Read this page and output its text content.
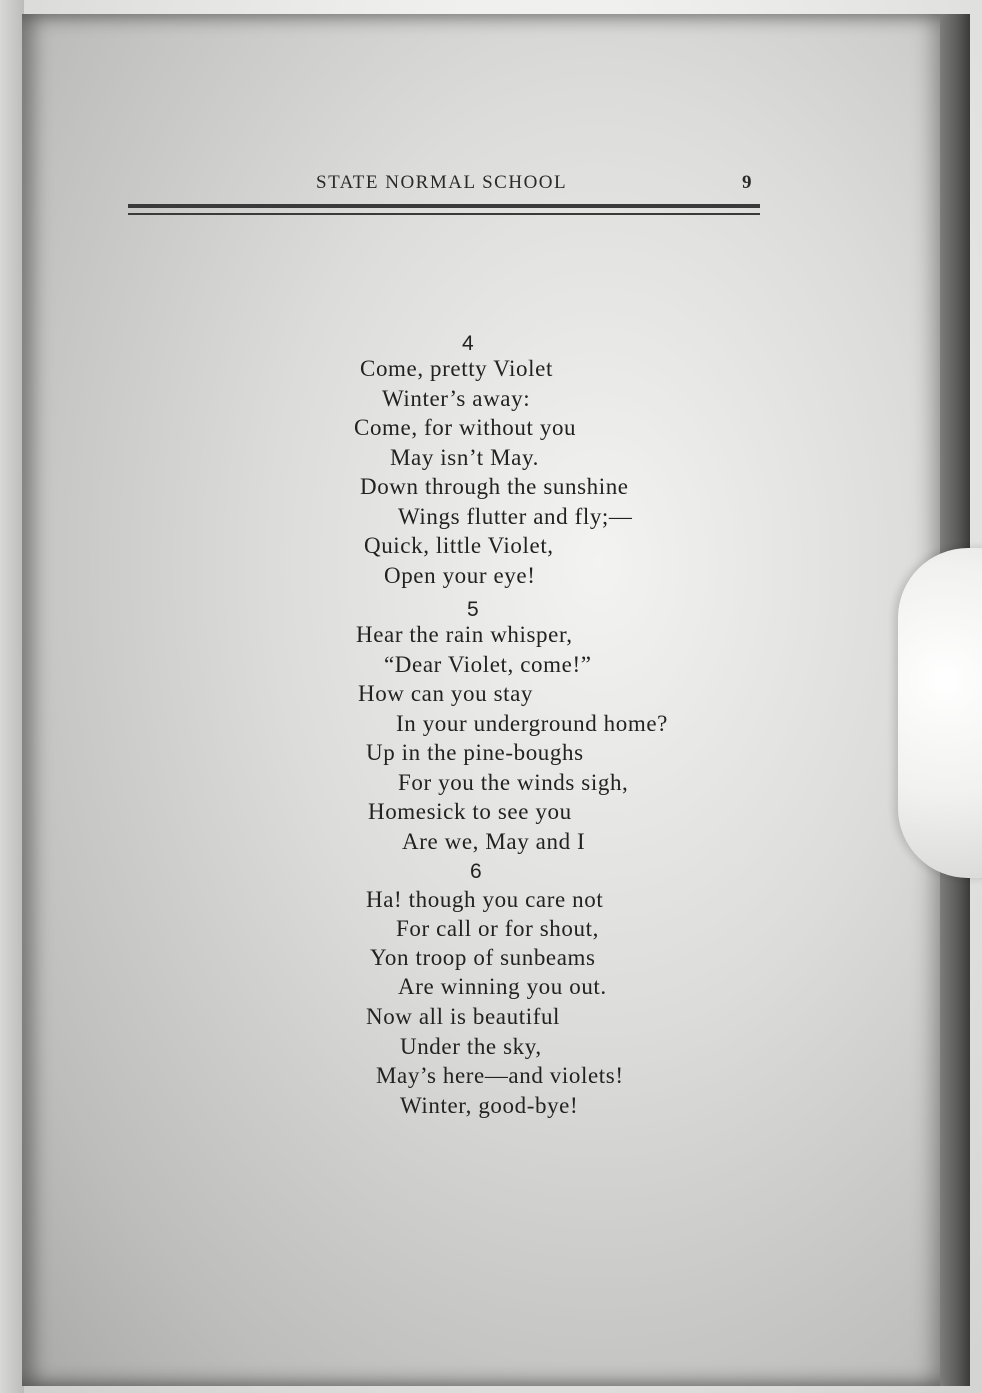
STATE NORMAL SCHOOL	9
4
Come, pretty Violet
Winter’s away:
Come, for without you
May isn’t May.
Down through the sunshine
Wings flutter and fly;—
Quick, little Violet,
Open your eye!
5
Hear the rain whisper,
“Dear Violet, come!”
How can you stay
In your underground home?
Up in the pine-boughs
For you the winds sigh,
Homesick to see you
Are we, May and I
6
Ha! though you care not
For call or for shout,
Yon troop of sunbeams
Are winning you out.
Now all is beautiful
Under the sky,
May’s here—and violets!
Winter, good-bye!
